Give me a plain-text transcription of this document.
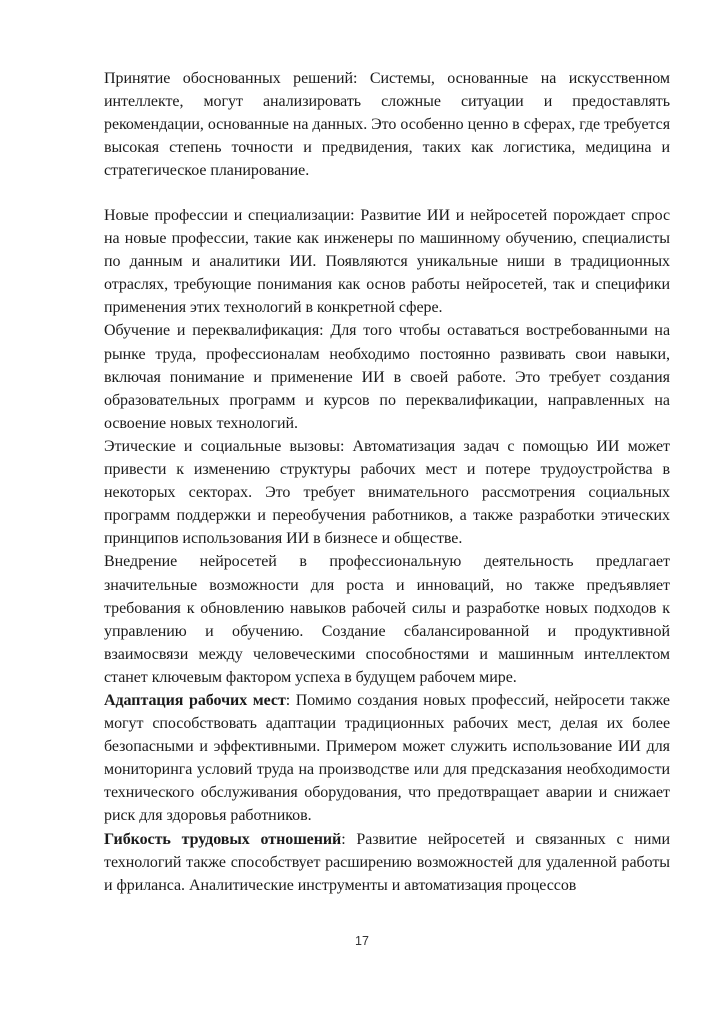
Принятие обоснованных решений: Системы, основанные на искусственном интеллекте, могут анализировать сложные ситуации и предоставлять рекомендации, основанные на данных. Это особенно ценно в сферах, где требуется высокая степень точности и предвидения, таких как логистика, медицина и стратегическое планирование.

Новые профессии и специализации: Развитие ИИ и нейросетей порождает спрос на новые профессии, такие как инженеры по машинному обучению, специалисты по данным и аналитики ИИ. Появляются уникальные ниши в традиционных отраслях, требующие понимания как основ работы нейросетей, так и специфики применения этих технологий в конкретной сфере.

Обучение и переквалификация: Для того чтобы оставаться востребованными на рынке труда, профессионалам необходимо постоянно развивать свои навыки, включая понимание и применение ИИ в своей работе. Это требует создания образовательных программ и курсов по переквалификации, направленных на освоение новых технологий.

Этические и социальные вызовы: Автоматизация задач с помощью ИИ может привести к изменению структуры рабочих мест и потере трудоустройства в некоторых секторах. Это требует внимательного рассмотрения социальных программ поддержки и переобучения работников, а также разработки этических принципов использования ИИ в бизнесе и обществе.

Внедрение нейросетей в профессиональную деятельность предлагает значительные возможности для роста и инноваций, но также предъявляет требования к обновлению навыков рабочей силы и разработке новых подходов к управлению и обучению. Создание сбалансированной и продуктивной взаимосвязи между человеческими способностями и машинным интеллектом станет ключевым фактором успеха в будущем рабочем мире.

Адаптация рабочих мест: Помимо создания новых профессий, нейросети также могут способствовать адаптации традиционных рабочих мест, делая их более безопасными и эффективными. Примером может служить использование ИИ для мониторинга условий труда на производстве или для предсказания необходимости технического обслуживания оборудования, что предотвращает аварии и снижает риск для здоровья работников.

Гибкость трудовых отношений: Развитие нейросетей и связанных с ними технологий также способствует расширению возможностей для удаленной работы и фриланса. Аналитические инструменты и автоматизация процессов

17
